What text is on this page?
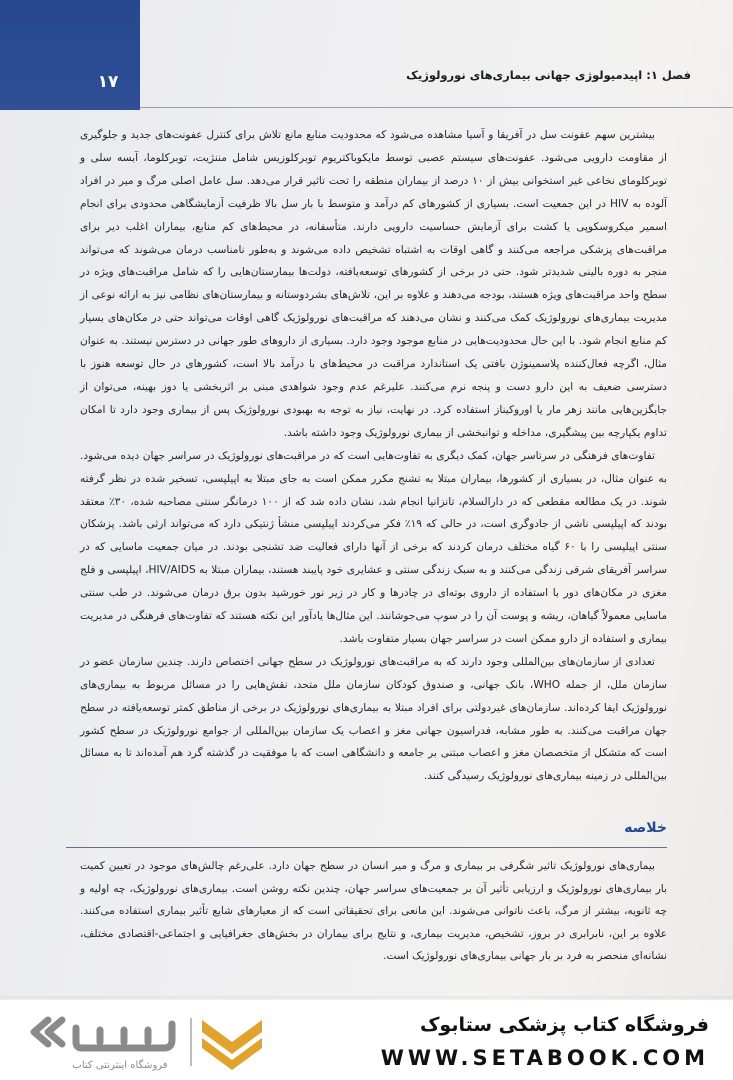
۱۷	فصل ۱: اپیدمیولوژی جهانی بیماری‌های نورولوژیک

بیشترین سهم عفونت سل در آفریقا و آسیا مشاهده می‌شود که محدودیت منابع مانع تلاش برای کنترل عفونت‌های جدید و جلوگیری از مقاومت دارویی می‌شود. عفونت‌های سیستم عصبی توسط مایکوباکتریوم توبرکلوزیس شامل مننژیت، توبرکلوما، آبسه سلی و توبرکلومای نخاعی غیر استخوانی بیش از ۱۰ درصد از بیماران منطقه را تحت تاثیر قرار می‌دهد. سل عامل اصلی مرگ و میر در افراد آلوده به HIV در این جمعیت است. بسیاری از کشورهای کم درآمد و متوسط با بار سل بالا ظرفیت آزمایشگاهی محدودی برای انجام اسمیر میکروسکوپی یا کشت برای آزمایش حساسیت دارویی دارند. متأسفانه، در محیط‌های کم منابع، بیماران اغلب دیر برای مراقبت‌های پزشکی مراجعه می‌کنند و گاهی اوقات به اشتباه تشخیص داده می‌شوند و به‌طور نامناسب درمان می‌شوند که می‌تواند منجر به دوره بالینی شدیدتر شود. حتی در برخی از کشورهای توسعه‌یافته، دولت‌ها بیمارستان‌هایی را که شامل مراقبت‌های ویژه در سطح واحد مراقبت‌های ویژه هستند، بودجه می‌دهند و علاوه بر این، تلاش‌های بشردوستانه و بیمارستان‌های نظامی نیز به ارائه نوعی از مدیریت بیماری‌های نورولوژیک کمک می‌کنند و نشان می‌دهند که مراقبت‌های نورولوژیک گاهی اوقات می‌تواند حتی در مکان‌های بسیار کم منابع انجام شود. با این حال محدودیت‌هایی در منابع موجود وجود دارد. بسیاری از داروهای طور جهانی در دسترس نیستند. به عنوان مثال، اگرچه فعال‌کننده پلاسمینوژن بافتی یک استاندارد مراقبت در محیط‌های با درآمد بالا است، کشورهای در حال توسعه هنوز با دسترسی ضعیف به این دارو دست و پنجه نرم می‌کنند. علیرغم عدم وجود شواهدی مبنی بر اثربخشی یا دوز بهینه، می‌توان از جایگزین‌هایی مانند زهر مار یا اوروکیناز استفاده کرد. در نهایت، نیاز به توجه به بهبودی نورولوژیک پس از بیماری وجود دارد تا امکان تداوم یکپارچه بین پیشگیری، مداخله و توانبخشی از بیماری نورولوژیک وجود داشته باشد.

تفاوت‌های فرهنگی در سرتاسر جهان، کمک دیگری به تفاوت‌هایی است که در مراقبت‌های نورولوژیک در سراسر جهان دیده می‌شود. به عنوان مثال، در بسیاری از کشورها، بیماران مبتلا به تشنج مکرر ممکن است به جای مبتلا به اپیلپسی، تسخیر شده در نظر گرفته شوند. در یک مطالعه مقطعی که در دارالسلام، تانزانیا انجام شد، نشان داده شد که از ۱۰۰ درمانگر سنتی مصاحبه شده، ۳۰٪ معتقد بودند که اپیلپسی ناشی از جادوگری است، در حالی که ۱۹٪ فکر می‌کردند اپیلپسی منشأ ژنتیکی دارد که می‌تواند ارثی باشد. پزشکان سنتی اپیلپسی را با ۶۰ گیاه مختلف درمان کردند که برخی از آنها دارای فعالیت ضد تشنجی بودند. در میان جمعیت ماسایی که در سراسر آفریقای شرقی زندگی می‌کنند و به سبک زندگی سنتی و عشایری خود پایبند هستند، بیماران مبتلا به HIV/AIDS، اپیلپسی و فلج مغزی در مکان‌های دور با استفاده از داروی بوته‌ای در چادرها و کار در زیر نور خورشید بدون برق درمان می‌شوند. در طب سنتی ماسایی معمولاً گیاهان، ریشه و پوست آن را در سوپ می‌جوشانند. این مثال‌ها یادآور این نکته هستند که تفاوت‌های فرهنگی در مدیریت بیماری و استفاده از دارو ممکن است در سراسر جهان بسیار متفاوت باشد.

تعدادی از سازمان‌های بین‌المللی وجود دارند که به مراقبت‌های نورولوژیک در سطح جهانی اختصاص دارند. چندین سازمان عضو در سازمان ملل، از جمله WHO، بانک جهانی، و صندوق کودکان سازمان ملل متحد، نقش‌هایی را در مسائل مربوط به بیماری‌های نورولوژیک ایفا کرده‌اند. سازمان‌های غیردولتی برای افراد مبتلا به بیماری‌های نورولوژیک در برخی از مناطق کمتر توسعه‌یافته در سطح جهان مراقبت می‌کنند. به طور مشابه، فدراسیون جهانی مغز و اعصاب یک سازمان بین‌المللی از جوامع نورولوژیک در سطح کشور است که متشکل از متخصصان مغز و اعصاب مبتنی بر جامعه و دانشگاهی است که با موفقیت در گذشته گرد هم آمده‌اند تا به مسائل بین‌المللی در زمینه بیماری‌های نورولوژیک رسیدگی کنند.

خلاصه

بیماری‌های نورولوژیک تاثیر شگرفی بر بیماری و مرگ و میر انسان در سطح جهان دارد. علی‌رغم چالش‌های موجود در تعیین کمیت بار بیماری‌های نورولوژیک و ارزیابی تأثیر آن بر جمعیت‌های سراسر جهان، چندین نکته روشن است. بیماری‌های نورولوژیک، چه اولیه و چه ثانویه، بیشتر از مرگ، باعث ناتوانی می‌شوند. این مانعی برای تحقیقاتی است که از معیارهای شایع تأثیر بیماری استفاده می‌کنند. علاوه بر این، نابرابری در بروز، تشخیص، مدیریت بیماری، و نتایج برای بیماران در بخش‌های جغرافیایی و اجتماعی-اقتصادی مختلف، نشانه‌ای منحصر به فرد بر بار جهانی بیماری‌های نورولوژیک است.

فروشگاه اینترنتی کتاب
فروشگاه کتاب پزشکی ستابوک
WWW.SETABOOK.COM
